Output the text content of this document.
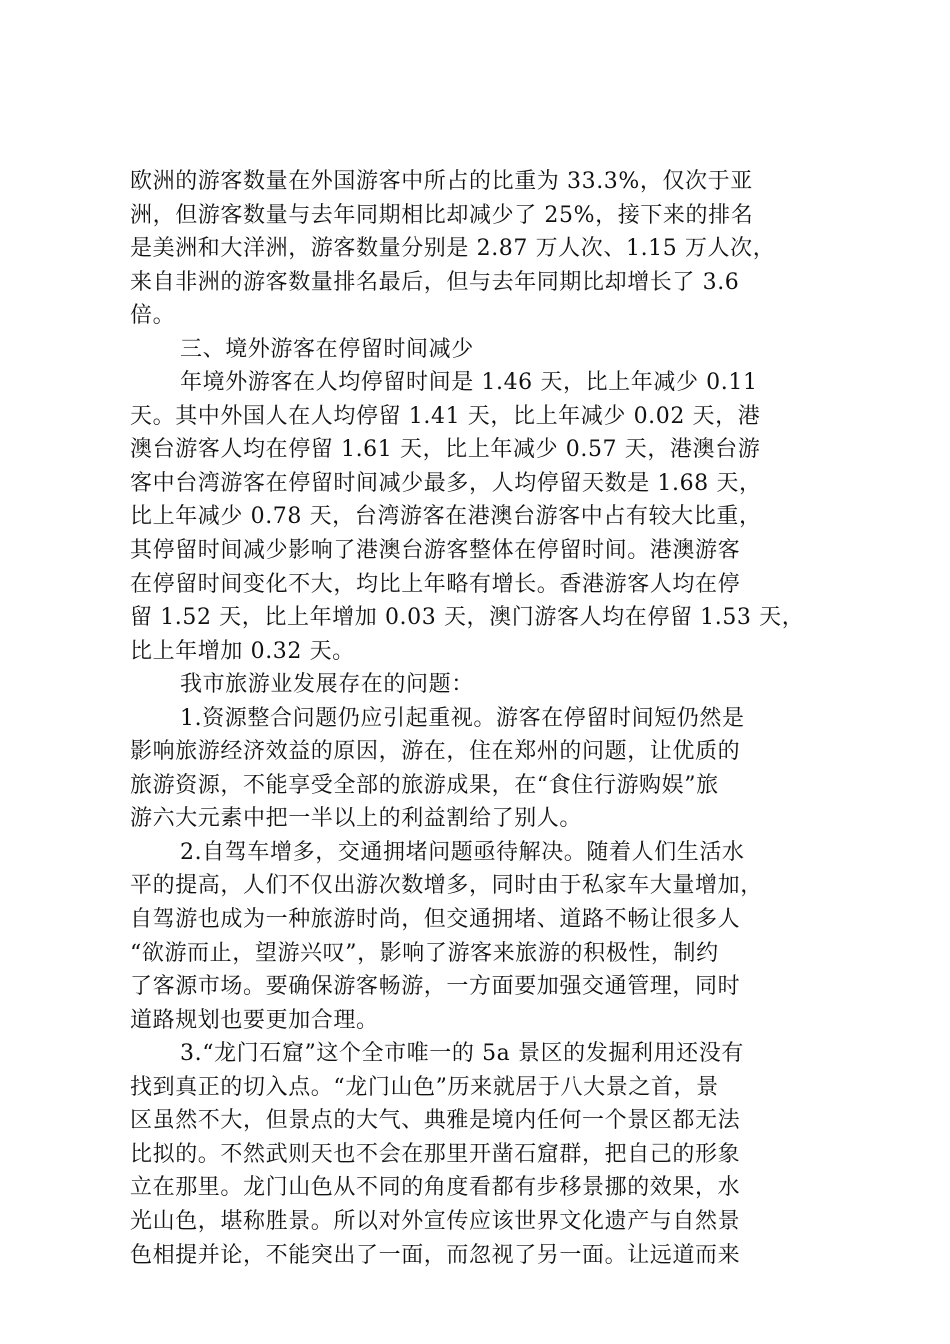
欧洲的游客数量在外国游客中所占的比重为 33.3%，仅次于亚
洲，但游客数量与去年同期相比却减少了 25%，接下来的排名
是美洲和大洋洲，游客数量分别是 2.87 万人次、1.15 万人次，
来自非洲的游客数量排名最后，但与去年同期比却增长了 3.6
倍。
三、境外游客在停留时间减少
年境外游客在人均停留时间是 1.46 天，比上年减少 0.11
天。其中外国人在人均停留 1.41 天，比上年减少 0.02 天，港
澳台游客人均在停留 1.61 天，比上年减少 0.57 天，港澳台游
客中台湾游客在停留时间减少最多，人均停留天数是 1.68 天，
比上年减少 0.78 天，台湾游客在港澳台游客中占有较大比重，
其停留时间减少影响了港澳台游客整体在停留时间。港澳游客
在停留时间变化不大，均比上年略有增长。香港游客人均在停
留 1.52 天，比上年增加 0.03 天，澳门游客人均在停留 1.53 天，
比上年增加 0.32 天。
我市旅游业发展存在的问题：
1.资源整合问题仍应引起重视。游客在停留时间短仍然是
影响旅游经济效益的原因，游在，住在郑州的问题，让优质的
旅游资源，不能享受全部的旅游成果，在“食住行游购娱”旅
游六大元素中把一半以上的利益割给了别人。
2.自驾车增多，交通拥堵问题亟待解决。随着人们生活水
平的提高，人们不仅出游次数增多，同时由于私家车大量增加，
自驾游也成为一种旅游时尚，但交通拥堵、道路不畅让很多人
“欲游而止，望游兴叹”，影响了游客来旅游的积极性，制约
了客源市场。要确保游客畅游，一方面要加强交通管理，同时
道路规划也要更加合理。
3.“龙门石窟”这个全市唯一的 5a 景区的发掘利用还没有
找到真正的切入点。“龙门山色”历来就居于八大景之首，景
区虽然不大，但景点的大气、典雅是境内任何一个景区都无法
比拟的。不然武则天也不会在那里开凿石窟群，把自己的形象
立在那里。龙门山色从不同的角度看都有步移景挪的效果，水
光山色，堪称胜景。所以对外宣传应该世界文化遗产与自然景
色相提并论，不能突出了一面，而忽视了另一面。让远道而来
